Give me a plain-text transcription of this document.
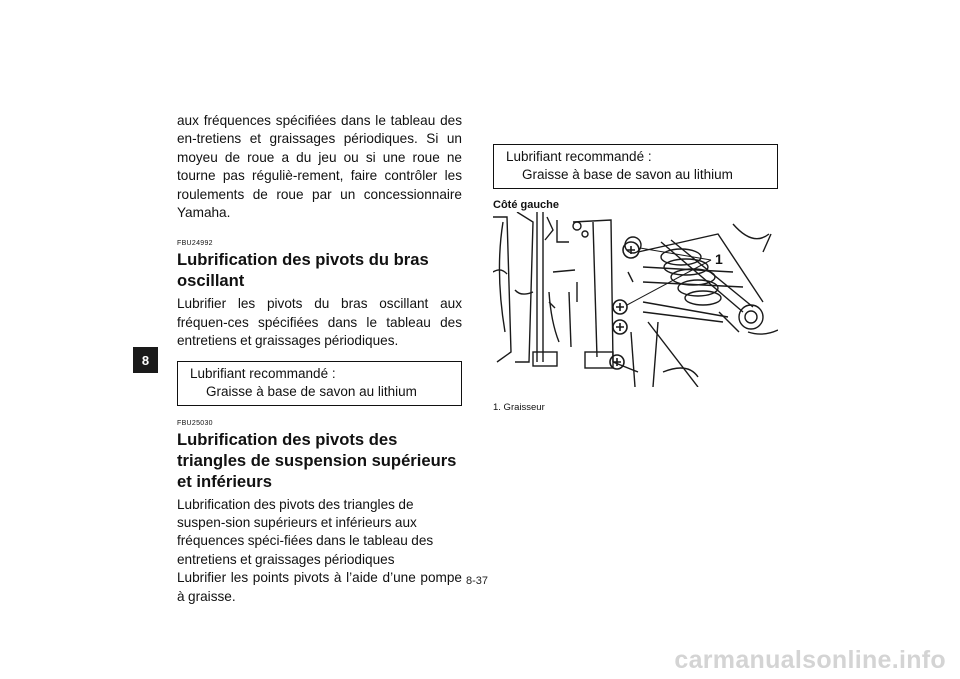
8

aux fréquences spécifiées dans le tableau des en-tretiens et graissages périodiques. Si un moyeu de roue a du jeu ou si une roue ne tourne pas réguliè-rement, faire contrôler les roulements de roue par un concessionnaire Yamaha.

FBU24992

Lubrification des pivots du bras oscillant

Lubrifier les pivots du bras oscillant aux fréquen-ces spécifiées dans le tableau des entretiens et graissages périodiques.

Lubrifiant recommandé :
Graisse à base de savon au lithium

FBU25030

Lubrification des pivots des triangles de suspension supérieurs et inférieurs

Lubrification des pivots des triangles de suspen-sion supérieurs et inférieurs aux fréquences spéci-fiées dans le tableau des entretiens et graissages périodiques

Lubrifier les points pivots à l’aide d’une pompe à graisse.

Lubrifiant recommandé :
Graisse à base de savon au lithium

Côté gauche

1

1. Graisseur

8-37
carmanualsonline.info
